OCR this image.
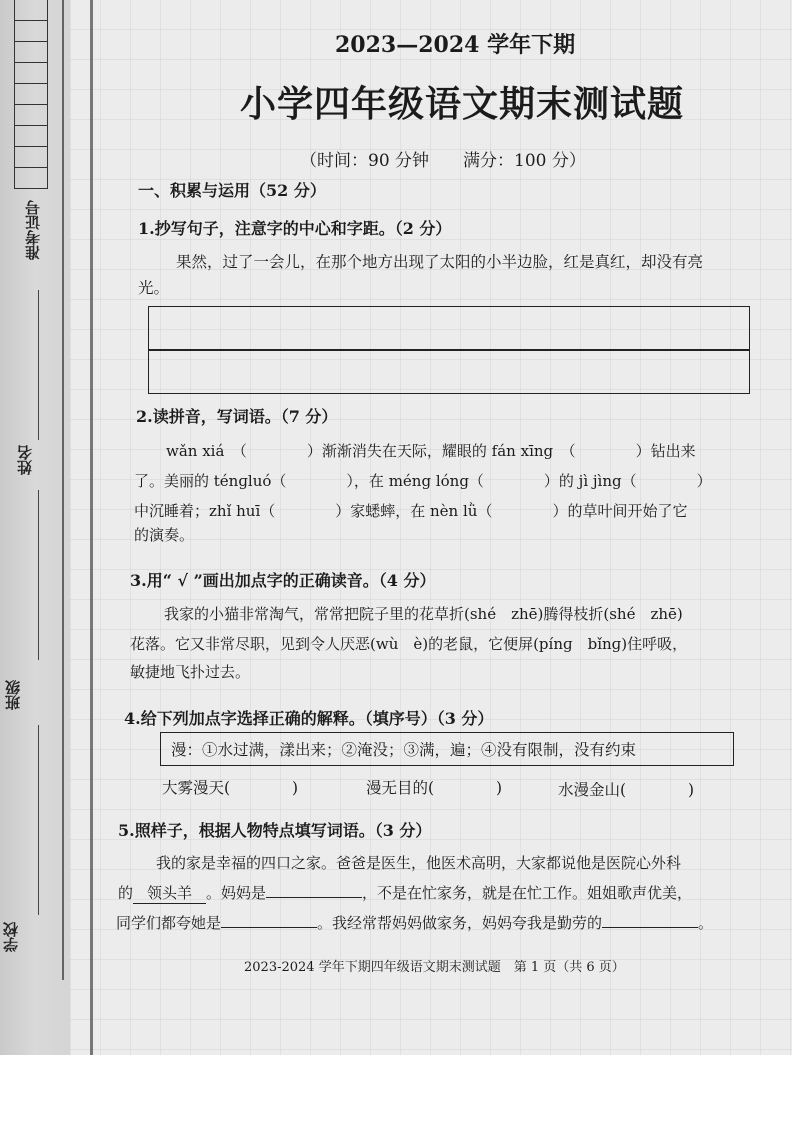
准考证号
姓名
班级
学校
2023—2024 学年下期
小学四年级语文期末测试题
（时间：90 分钟　　满分：100 分）
一、积累与运用（52 分）
1.抄写句子，注意字的中心和字距。（2 分）
果然，过了一会儿，在那个地方出现了太阳的小半边脸，红是真红，却没有亮
光。
2.读拼音，写词语。（7 分）
wǎn xiá　（　　　　）渐渐消失在天际，耀眼的 fán xīng　（　　　　）钻出来
了。美丽的 ténɡluó（　　　　），在 méng lóng（　　　　）的 jì jìng（　　　　）
中沉睡着；zhǐ huī（　　　　）家蟋蟀，在 nèn lǜ（　　　　）的草叶间开始了它
的演奏。
3.用“ √ ”画出加点字的正确读音。（4 分）
我家的小猫非常淘气，常常把院子里的花草折(shé　zhē)腾得枝折(shé　zhē)
花落。它又非常尽职，见到令人厌恶(wù　è)的老鼠，它便屏(pínɡ　bǐnɡ)住呼吸，
敏捷地飞扑过去。
4.给下列加点字选择正确的解释。（填序号）（3 分）
漫：①水过满，漾出来；②淹没；③满，遍；④没有限制，没有约束
大雾漫天(　　　　)	漫无目的(　　　　)	水漫金山(　　　　)
5.照样子，根据人物特点填写词语。（3 分）
我的家是幸福的四口之家。爸爸是医生，他医术高明，大家都说他是医院心外科
的 领头羊 。妈妈是	，不是在忙家务，就是在忙工作。姐姐歌声优美，
同学们都夸她是	。我经常帮妈妈做家务，妈妈夸我是勤劳的	。
2023-2024 学年下期四年级语文期末测试题　第 1 页（共 6 页）
